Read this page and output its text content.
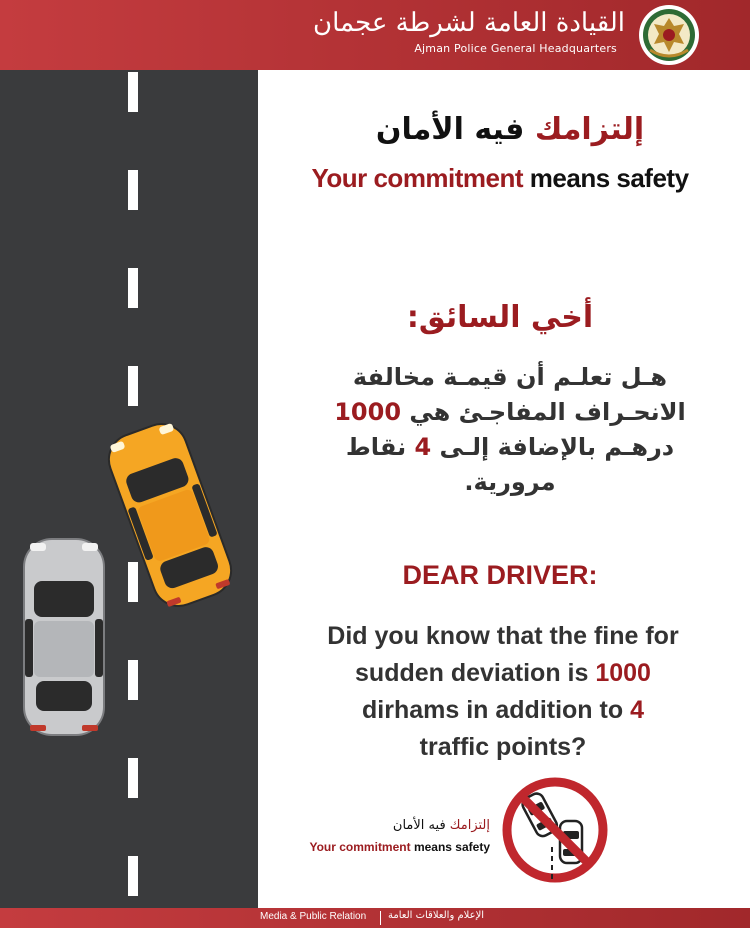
القيادة العامة لشرطة عجمان
Ajman Police General Headquarters
إلتزامك فيه الأمان
Your commitment means safety
أخي السائق:
هـل تعلـم أن قيمـة مخالفة
الانحـراف المفاجـئ هي 1000
درهـم بالإضافة إلـى 4 نقاط
مرورية.
DEAR DRIVER:
Did you know that the fine for
sudden deviation is 1000
dirhams in addition to 4
traffic points?
إلتزامك فيه الأمان
Your commitment means safety
Media & Public Relation الإعلام والعلاقات العامة
